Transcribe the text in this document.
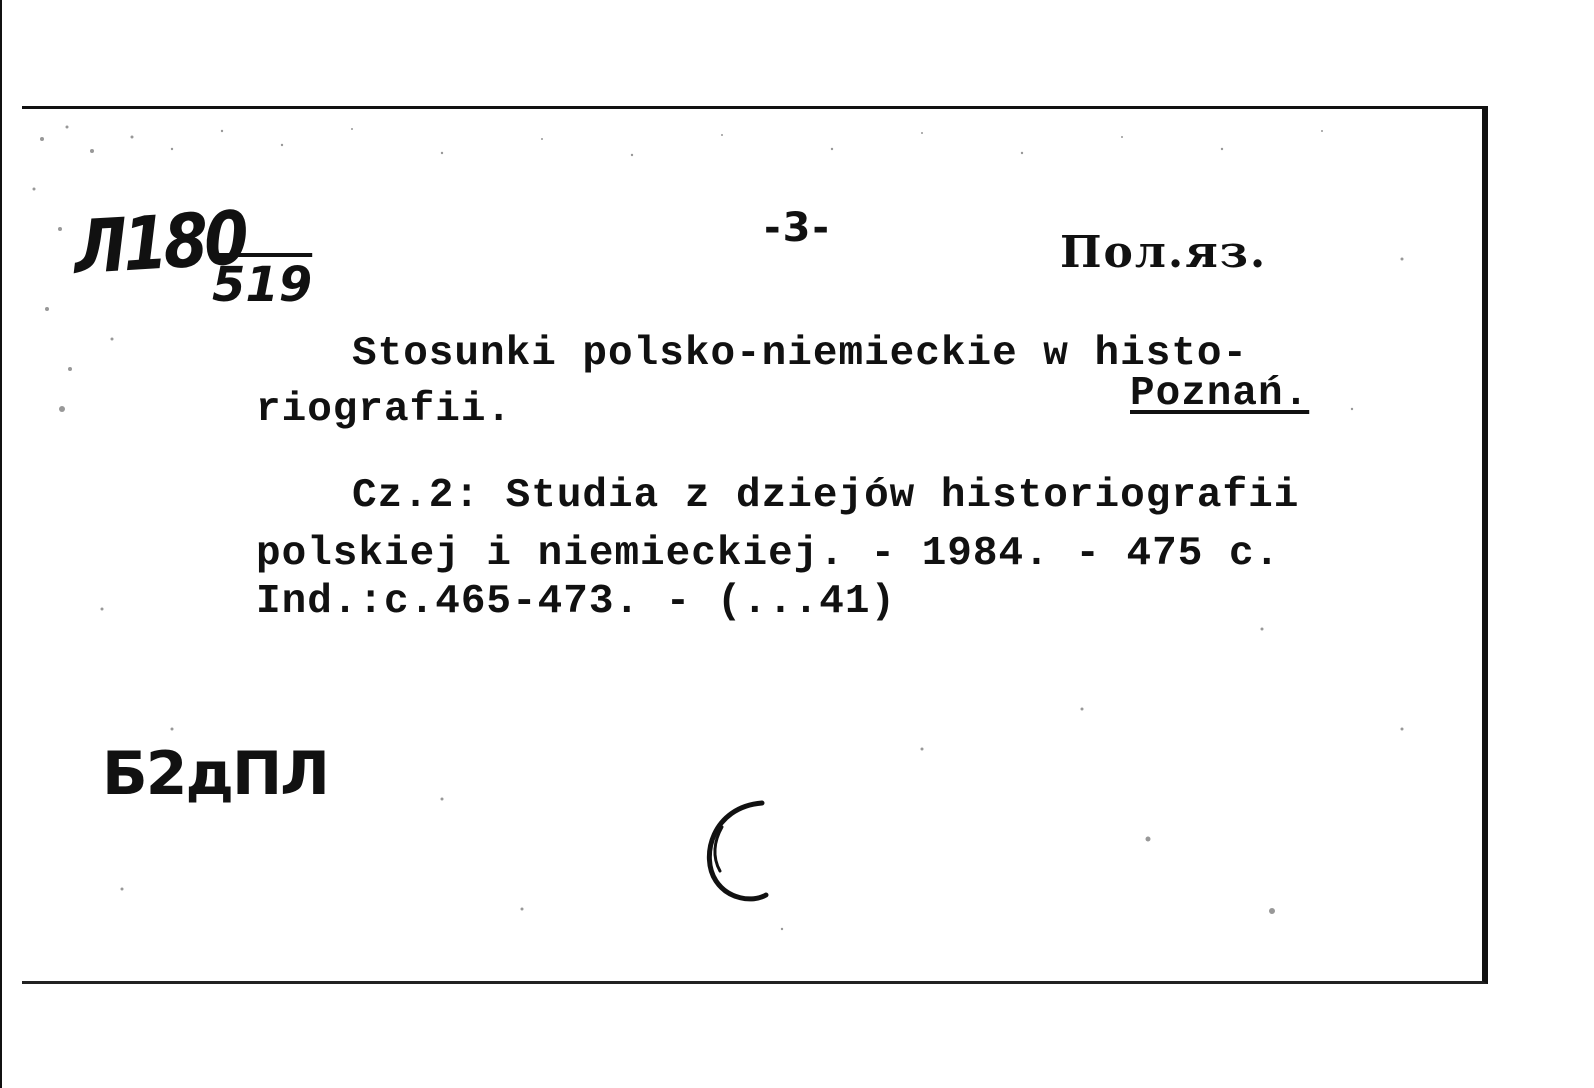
Л180
519
-3-	Пол.яз.
Stosunki polsko-niemieckie w histo-
riografii.	Poznań.
Cz.2: Studia z dziejów historiografii
polskiej i niemieckiej. - 1984. - 475 с.
Ind.:c.465-473. - (...41)
Б2дПЛ
